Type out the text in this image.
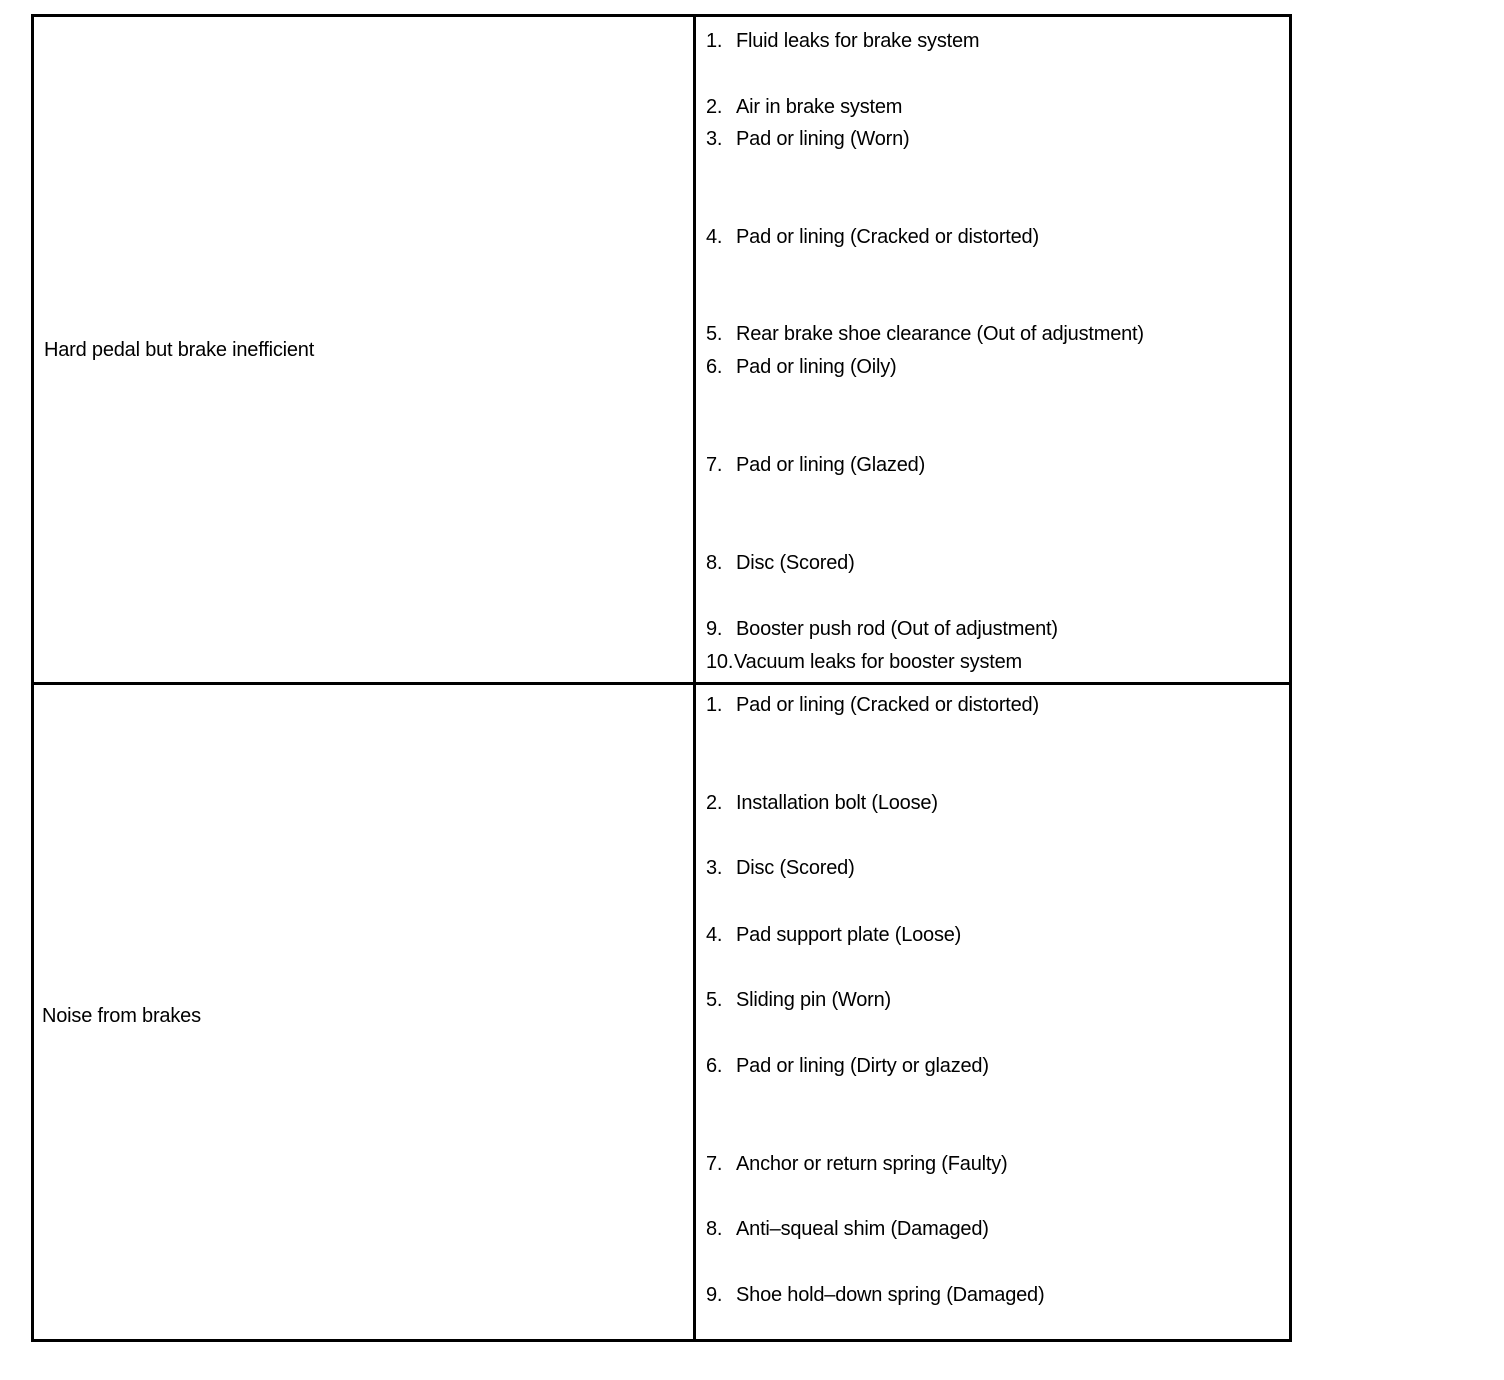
Hard pedal but brake inefficient
1. Fluid leaks for brake system
2. Air in brake system
3. Pad or lining (Worn)
4. Pad or lining (Cracked or distorted)
5. Rear brake shoe clearance (Out of adjustment)
6. Pad or lining (Oily)
7. Pad or lining (Glazed)
8. Disc (Scored)
9. Booster push rod (Out of adjustment)
10.Vacuum leaks for booster system
Noise from brakes
1. Pad or lining (Cracked or distorted)
2. Installation bolt (Loose)
3. Disc (Scored)
4. Pad support plate (Loose)
5. Sliding pin (Worn)
6. Pad or lining (Dirty or glazed)
7. Anchor or return spring (Faulty)
8. Anti–squeal shim (Damaged)
9. Shoe hold–down spring (Damaged)
